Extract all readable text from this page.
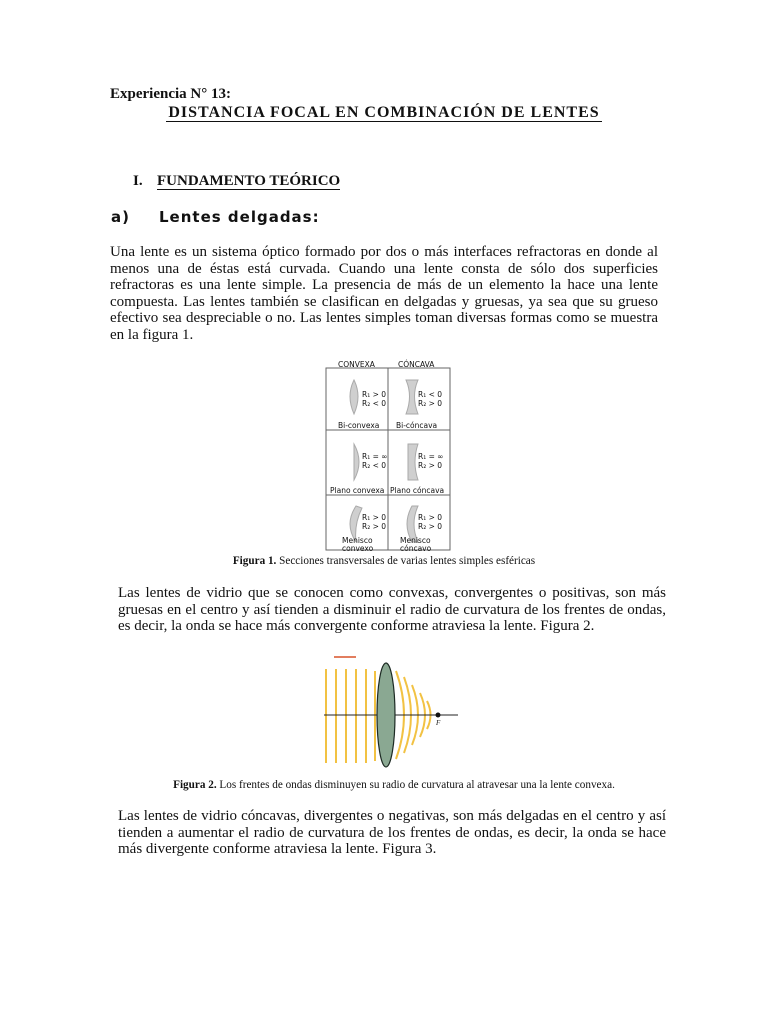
Experiencia N° 13:
DISTANCIA FOCAL EN COMBINACIÓN DE LENTES
I. FUNDAMENTO TEÓRICO
a) Lentes delgadas:
Una lente es un sistema óptico formado por dos o más interfaces refractoras en donde al menos una de éstas está curvada. Cuando una lente consta de sólo dos superficies refractoras es una lente simple. La presencia de más de un elemento la hace una lente compuesta. Las lentes también se clasifican en delgadas y gruesas, ya sea que su grueso efectivo sea despreciable o no. Las lentes simples toman diversas formas como se muestra en la figura 1.
CONVEXA	CÓNCAVA
R₁ > 0
R₂ < 0
R₁ < 0
R₂ > 0
Bi-convexa Bi-cóncava
R₁ = ∞
R₂ < 0
R₁ = ∞
R₂ > 0
Plano convexa Plano cóncava
R₁ > 0
R₂ > 0
R₁ > 0
R₂ > 0
Menisco
convexo
Menisco
cóncavo
Figura 1. Secciones transversales de varias lentes simples esféricas
Las lentes de vidrio que se conocen como convexas, convergentes o positivas, son más gruesas en el centro y así tienden a disminuir el radio de curvatura de los frentes de ondas, es decir, la onda se hace más convergente conforme atraviesa la lente. Figura 2.
F
Figura 2. Los frentes de ondas disminuyen su radio de curvatura al atravesar una la lente convexa.
Las lentes de vidrio cóncavas, divergentes o negativas, son más delgadas en el centro y así tienden a aumentar el radio de curvatura de los frentes de ondas, es decir, la onda se hace más divergente conforme atraviesa la lente. Figura 3.
